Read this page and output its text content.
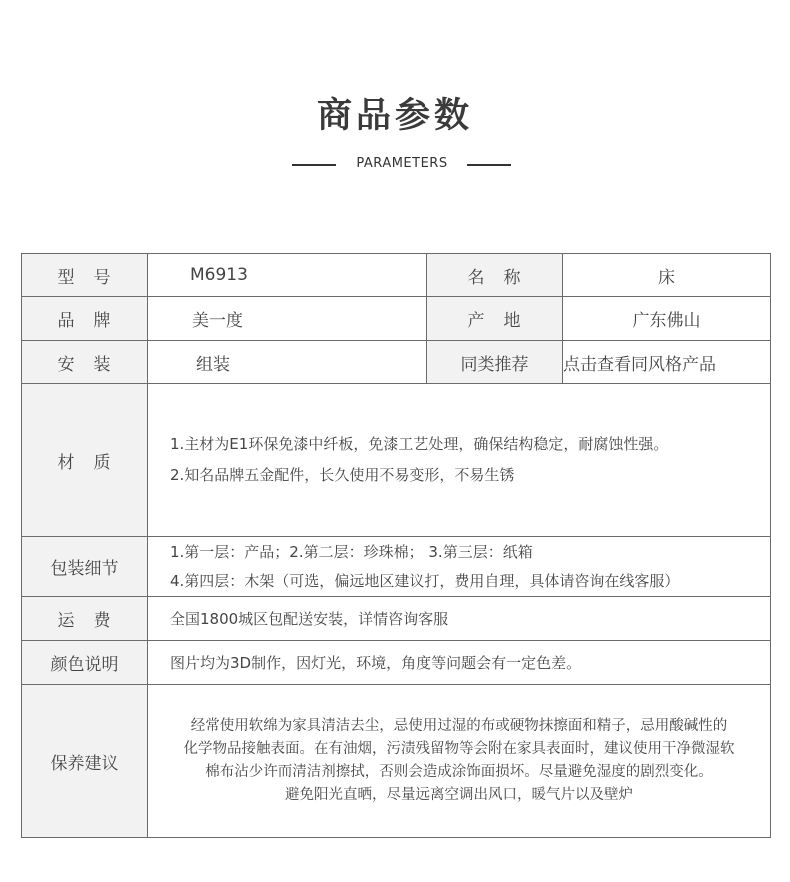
商品参数
PARAMETERS
型　号	M6913	名　称	床
品　牌	美一度	产　地	广东佛山
安　装	组装	同类推荐	点击查看同风格产品
材　质	1.主材为E1环保免漆中纤板，免漆工艺处理，确保结构稳定，耐腐蚀性强。
2.知名品牌五金配件，长久使用不易变形，不易生锈		

包装细节	1.第一层：产品；2.第二层：珍珠棉； 3.第三层：纸箱
4.第四层：木架（可选，偏远地区建议打，费用自理，具体请咨询在线客服）		

运　费	全国1800城区包配送安装，详情咨询客服		

颜色说明	图片均为3D制作，因灯光，环境，角度等问题会有一定色差。		

保养建议	经常使用软绵为家具清洁去尘，忌使用过湿的布或硬物抹擦面和精子，忌用酸碱性的
化学物品接触表面。在有油烟，污渍残留物等会附在家具表面时，建议使用干净微湿软
棉布沾少许而清洁剂擦拭，否则会造成涂饰面损坏。尽量避免湿度的剧烈变化。
避免阳光直晒，尽量远离空调出风口，暖气片以及壁炉		
